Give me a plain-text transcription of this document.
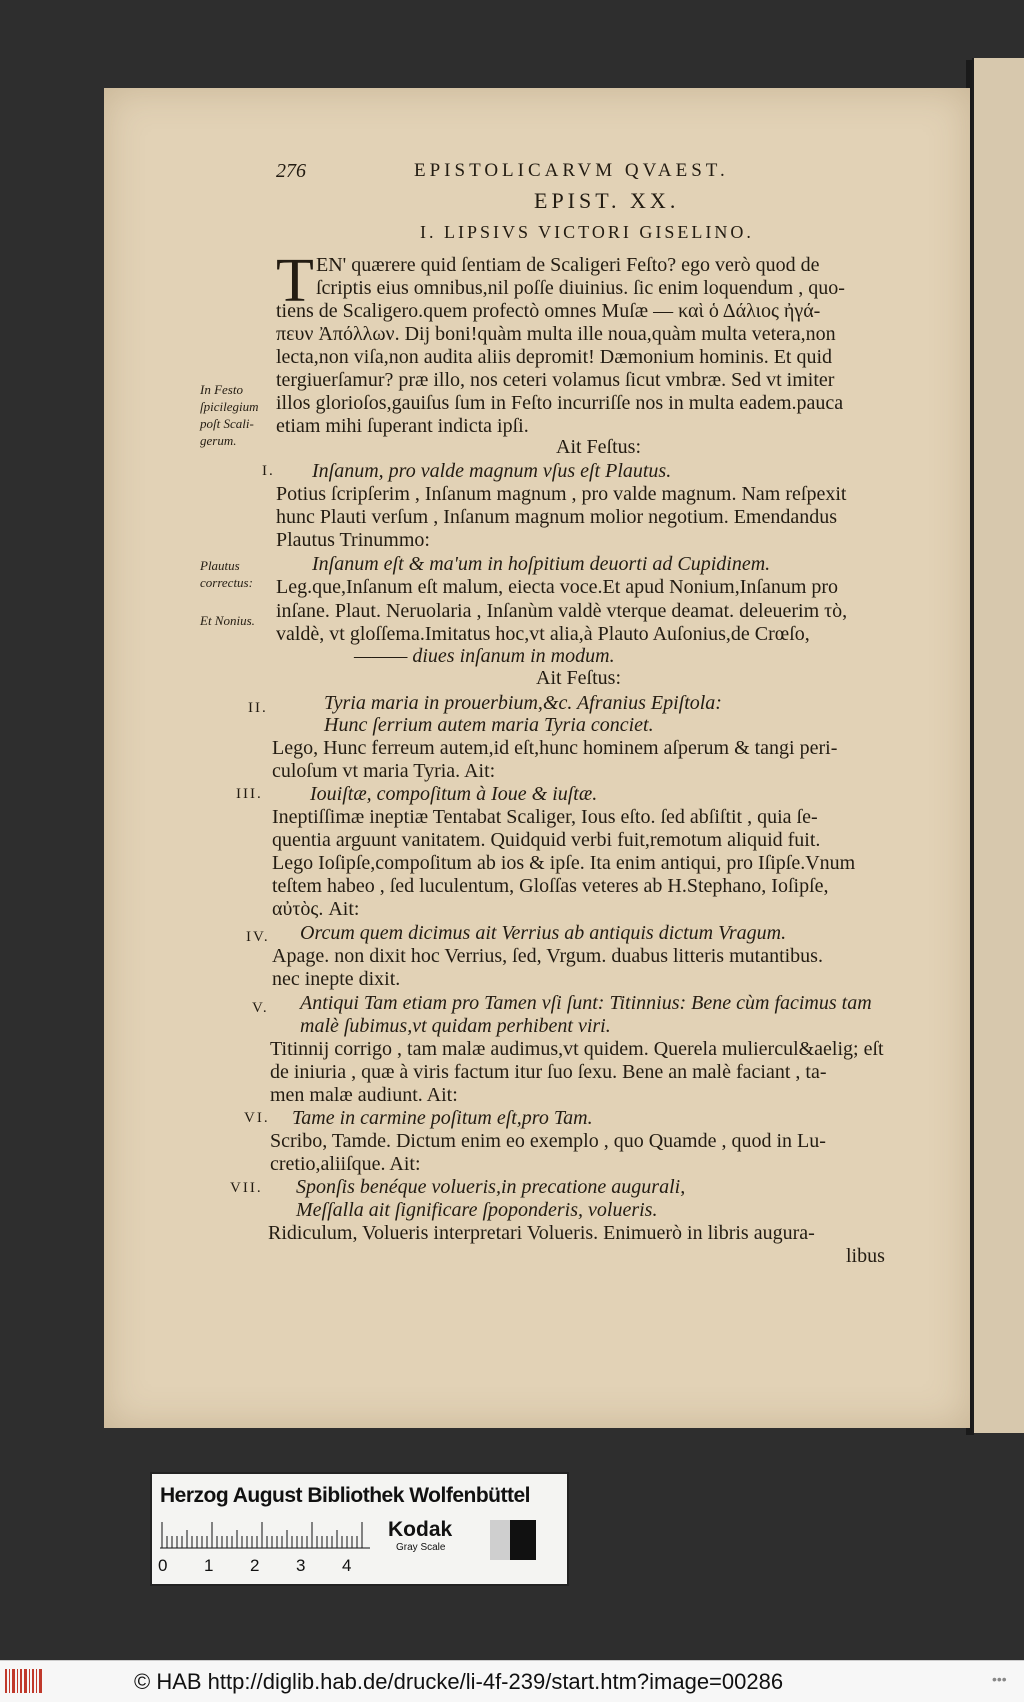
276	EPISTOLICARVM QVAEST.
EPIST. XX.
I. LIPSIVS VICTORI GISELINO.
In Festo
ſpicilegium
poſt Scali-
gerum.
Plautus
correctus:
Et Nonius.
I.
II.
III.
IV.
V.
VI.
VII.
T EN' quærere quid ſentiam de Scaligeri Feſto? ego verò quod de
ſcriptis eius omnibus,nil poſſe diuinius. ſic enim loquendum , quo-
tiens de Scaligero.quem profectò omnes Muſæ — καὶ ὁ Δάλιος ἠγά-
πευν Ἀπόλλων. Dij boni!quàm multa ille noua,quàm multa vetera,non
lecta,non viſa,non audita aliis depromit! Dæmonium hominis. Et quid
tergiuerſamur? præ illo, nos ceteri volamus ſicut vmbræ. Sed vt imiter
illos glorioſos,gauiſus ſum in Feſto incurriſſe nos in multa eadem.pauca
etiam mihi ſuperant indicta ipſi.
Ait Feſtus:
Inſanum, pro valde magnum vſus eſt Plautus.
Potius ſcripſerim , Inſanum magnum , pro valde magnum. Nam reſpexit
hunc Plauti verſum , Inſanum magnum molior negotium. Emendandus
Plautus Trinummo:
Inſanum eſt & ma'um in hoſpitium deuorti ad Cupidinem.
Leg.que,Inſanum eſt malum, eiecta voce.Et apud Nonium,Inſanum pro
inſane. Plaut. Neruolaria , Inſanùm valdè vterque deamat. deleuerim τὸ,
valdè, vt gloſſema.Imitatus hoc,vt alia,à Plauto Auſonius,de Crœſo,
——— diues inſanum in modum.
Ait Feſtus:
Tyria maria in prouerbium,&c. Afranius Epiſtola:
Hunc ſerrium autem maria Tyria conciet.
Lego, Hunc ferreum autem,id eſt,hunc hominem aſperum & tangi peri-
culoſum vt maria Tyria. Ait:
Iouiſtæ, compoſitum à Ioue & iuſtæ.
Ineptiſſimæ ineptiæ Tentabat Scaliger, Ious eſto. ſed abſiſtit , quia ſe-
quentia arguunt vanitatem. Quidquid verbi fuit,remotum aliquid fuit.
Lego Ioſipſe,compoſitum ab ios & ipſe. Ita enim antiqui, pro Iſipſe.Vnum
teſtem habeo , ſed luculentum, Gloſſas veteres ab H.Stephano, Ioſipſe,
αὐτὸς. Ait:
Orcum quem dicimus ait Verrius ab antiquis dictum Vragum.
Apage. non dixit hoc Verrius, ſed, Vrgum. duabus litteris mutantibus.
nec inepte dixit.
Antiqui Tam etiam pro Tamen vſi ſunt: Titinnius: Bene cùm facimus tam
malè ſubimus,vt quidam perhibent viri.
Titinnij corrigo , tam malæ audimus,vt quidem. Querela muliercul&aelig; eſt
de iniuria , quæ à viris factum itur ſuo ſexu. Bene an malè faciant , ta-
men malæ audiunt. Ait:
Tame in carmine poſitum eſt,pro Tam.
Scribo, Tamde. Dictum enim eo exemplo , quo Quamde , quod in Lu-
cretio,aliiſque. Ait:
Sponſis benéque volueris,in precatione augurali,
Meſſalla ait ſignificare ſpoponderis, volueris.
Ridiculum, Volueris interpretari Volueris. Enimuerò in libris augura-
libus
Herzog August Bibliothek Wolfenbüttel
0 1 2 3 4
Kodak
Gray Scale
© HAB http://diglib.hab.de/drucke/li-4f-239/start.htm?image=00286	•••
